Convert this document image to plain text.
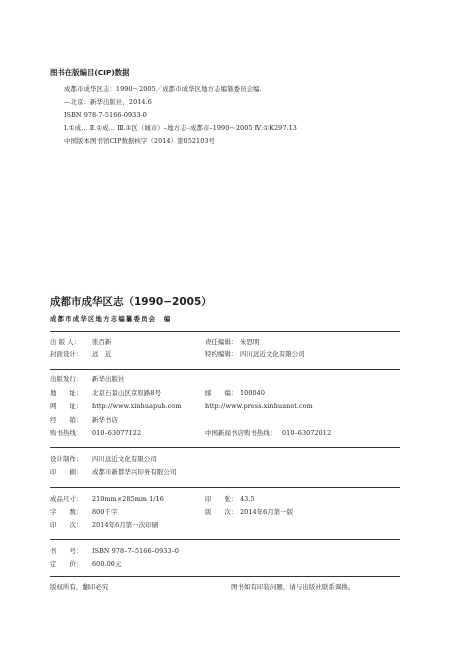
图书在版编目(CIP)数据
成都市成华区志：1990～2005／成都市成华区地方志编纂委员会编.
—北京：新华出版社，2014.6
ISBN 978-7-5166-0933-0
Ⅰ.①成… Ⅱ.①成… Ⅲ.①区（城市）–地方志–成都市–1990～2005 Ⅳ.①K297.13
中国版本图书馆CIP数据核字（2014）第052103号
成都市成华区志（1990−2005）
成都市成华区地方志编纂委员会　编
出 版 人： 张百新	责任编辑： 朱思明
封面设计： 远　近	特约编辑： 四川远近文化有限公司
出版发行： 新华出版社
地　　址： 北京石景山区京原路8号	邮　　编： 100040
网　　址： http://www.xinhuapub.com	http://www.press.xinhuanet.com
经　　销： 新华书店
购书热线： 010–63077122	中国新闻书店购书热线： 010–63072012
设计制作： 四川远近文化有限公司
印　　刷： 成都市新都华兴印务有限公司
成品尺寸： 210mm×285mm 1/16	印　　张： 43.5
字　　数： 800千字	版　　次： 2014年6月第一版
印　　次： 2014年6月第一次印刷
书　　号： ISBN 978–7–5166–0933–0
定　　价： 600.00元
版权所有，翻印必究	图书如有印装问题，请与出版社联系调换。
